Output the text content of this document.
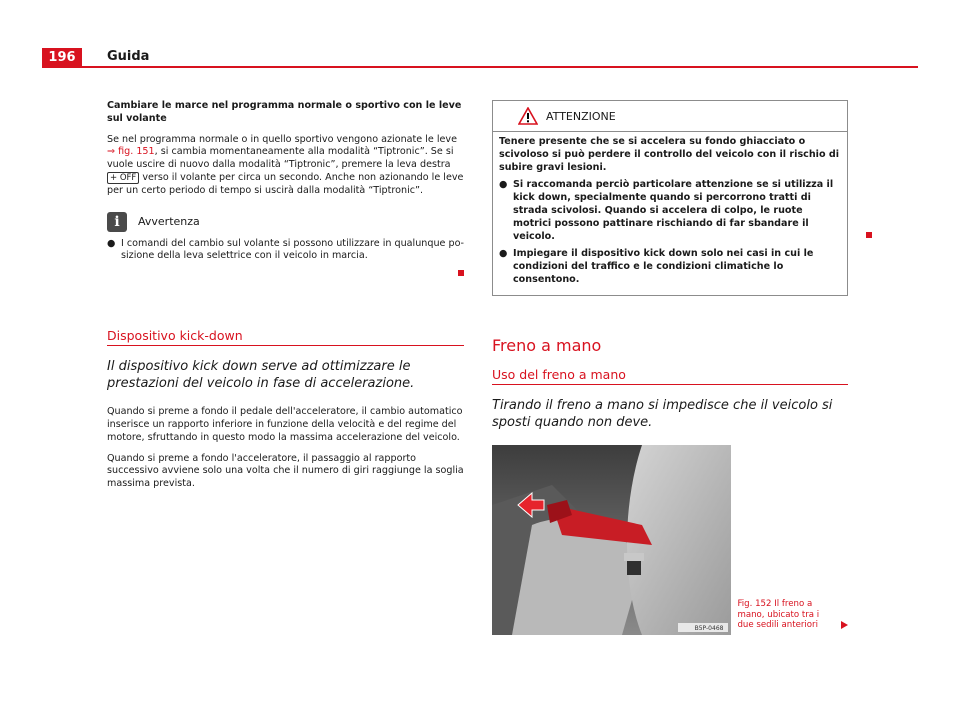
196	Guida

Cambiare le marce nel programma normale o sportivo con le leve sul volante

Se nel programma normale o in quello sportivo vengono azionate le leve ⇒ fig. 151, si cambia momentaneamente alla modalità “Tiptronic”. Se si vuole uscire di nuovo dalla modalità “Tiptronic”, premere la leva destra + OFF verso il volante per circa un secondo. Anche non azionando le leve per un certo periodo di tempo si uscirà dalla modalità “Tiptronic”.

i	Avvertenza
● I comandi del cambio sul volante si possono utilizzare in qualunque posizione della leva selettrice con il veicolo in marcia.
Dispositivo kick-down

Il dispositivo kick down serve ad ottimizzare le prestazioni del veicolo in fase di accelerazione.

Quando si preme a fondo il pedale dell'acceleratore, il cambio automatico inserisce un rapporto inferiore in funzione della velocità e del regime del motore, sfruttando in questo modo la massima accelerazione del veicolo.

Quando si preme a fondo l'acceleratore, il passaggio al rapporto successivo avviene solo una volta che il numero di giri raggiunge la soglia massima prevista.

ATTENZIONE

Tenere presente che se si accelera su fondo ghiacciato o scivoloso si può perdere il controllo del veicolo con il rischio di subire gravi lesioni.

● Si raccomanda perciò particolare attenzione se si utilizza il kick down, specialmente quando si percorrono tratti di strada scivolosi. Quando si accelera di colpo, le ruote motrici possono pattinare rischiando di far sbandare il veicolo.
● Impiegare il dispositivo kick down solo nei casi in cui le condizioni del traffico e le condizioni climatiche lo consentono.
Freno a mano
Uso del freno a mano

Tirando il freno a mano si impedisce che il veicolo si sposti quando non deve.

B5P-0468
Fig. 152 Il freno a mano, ubicato tra i due sedili anteriori
